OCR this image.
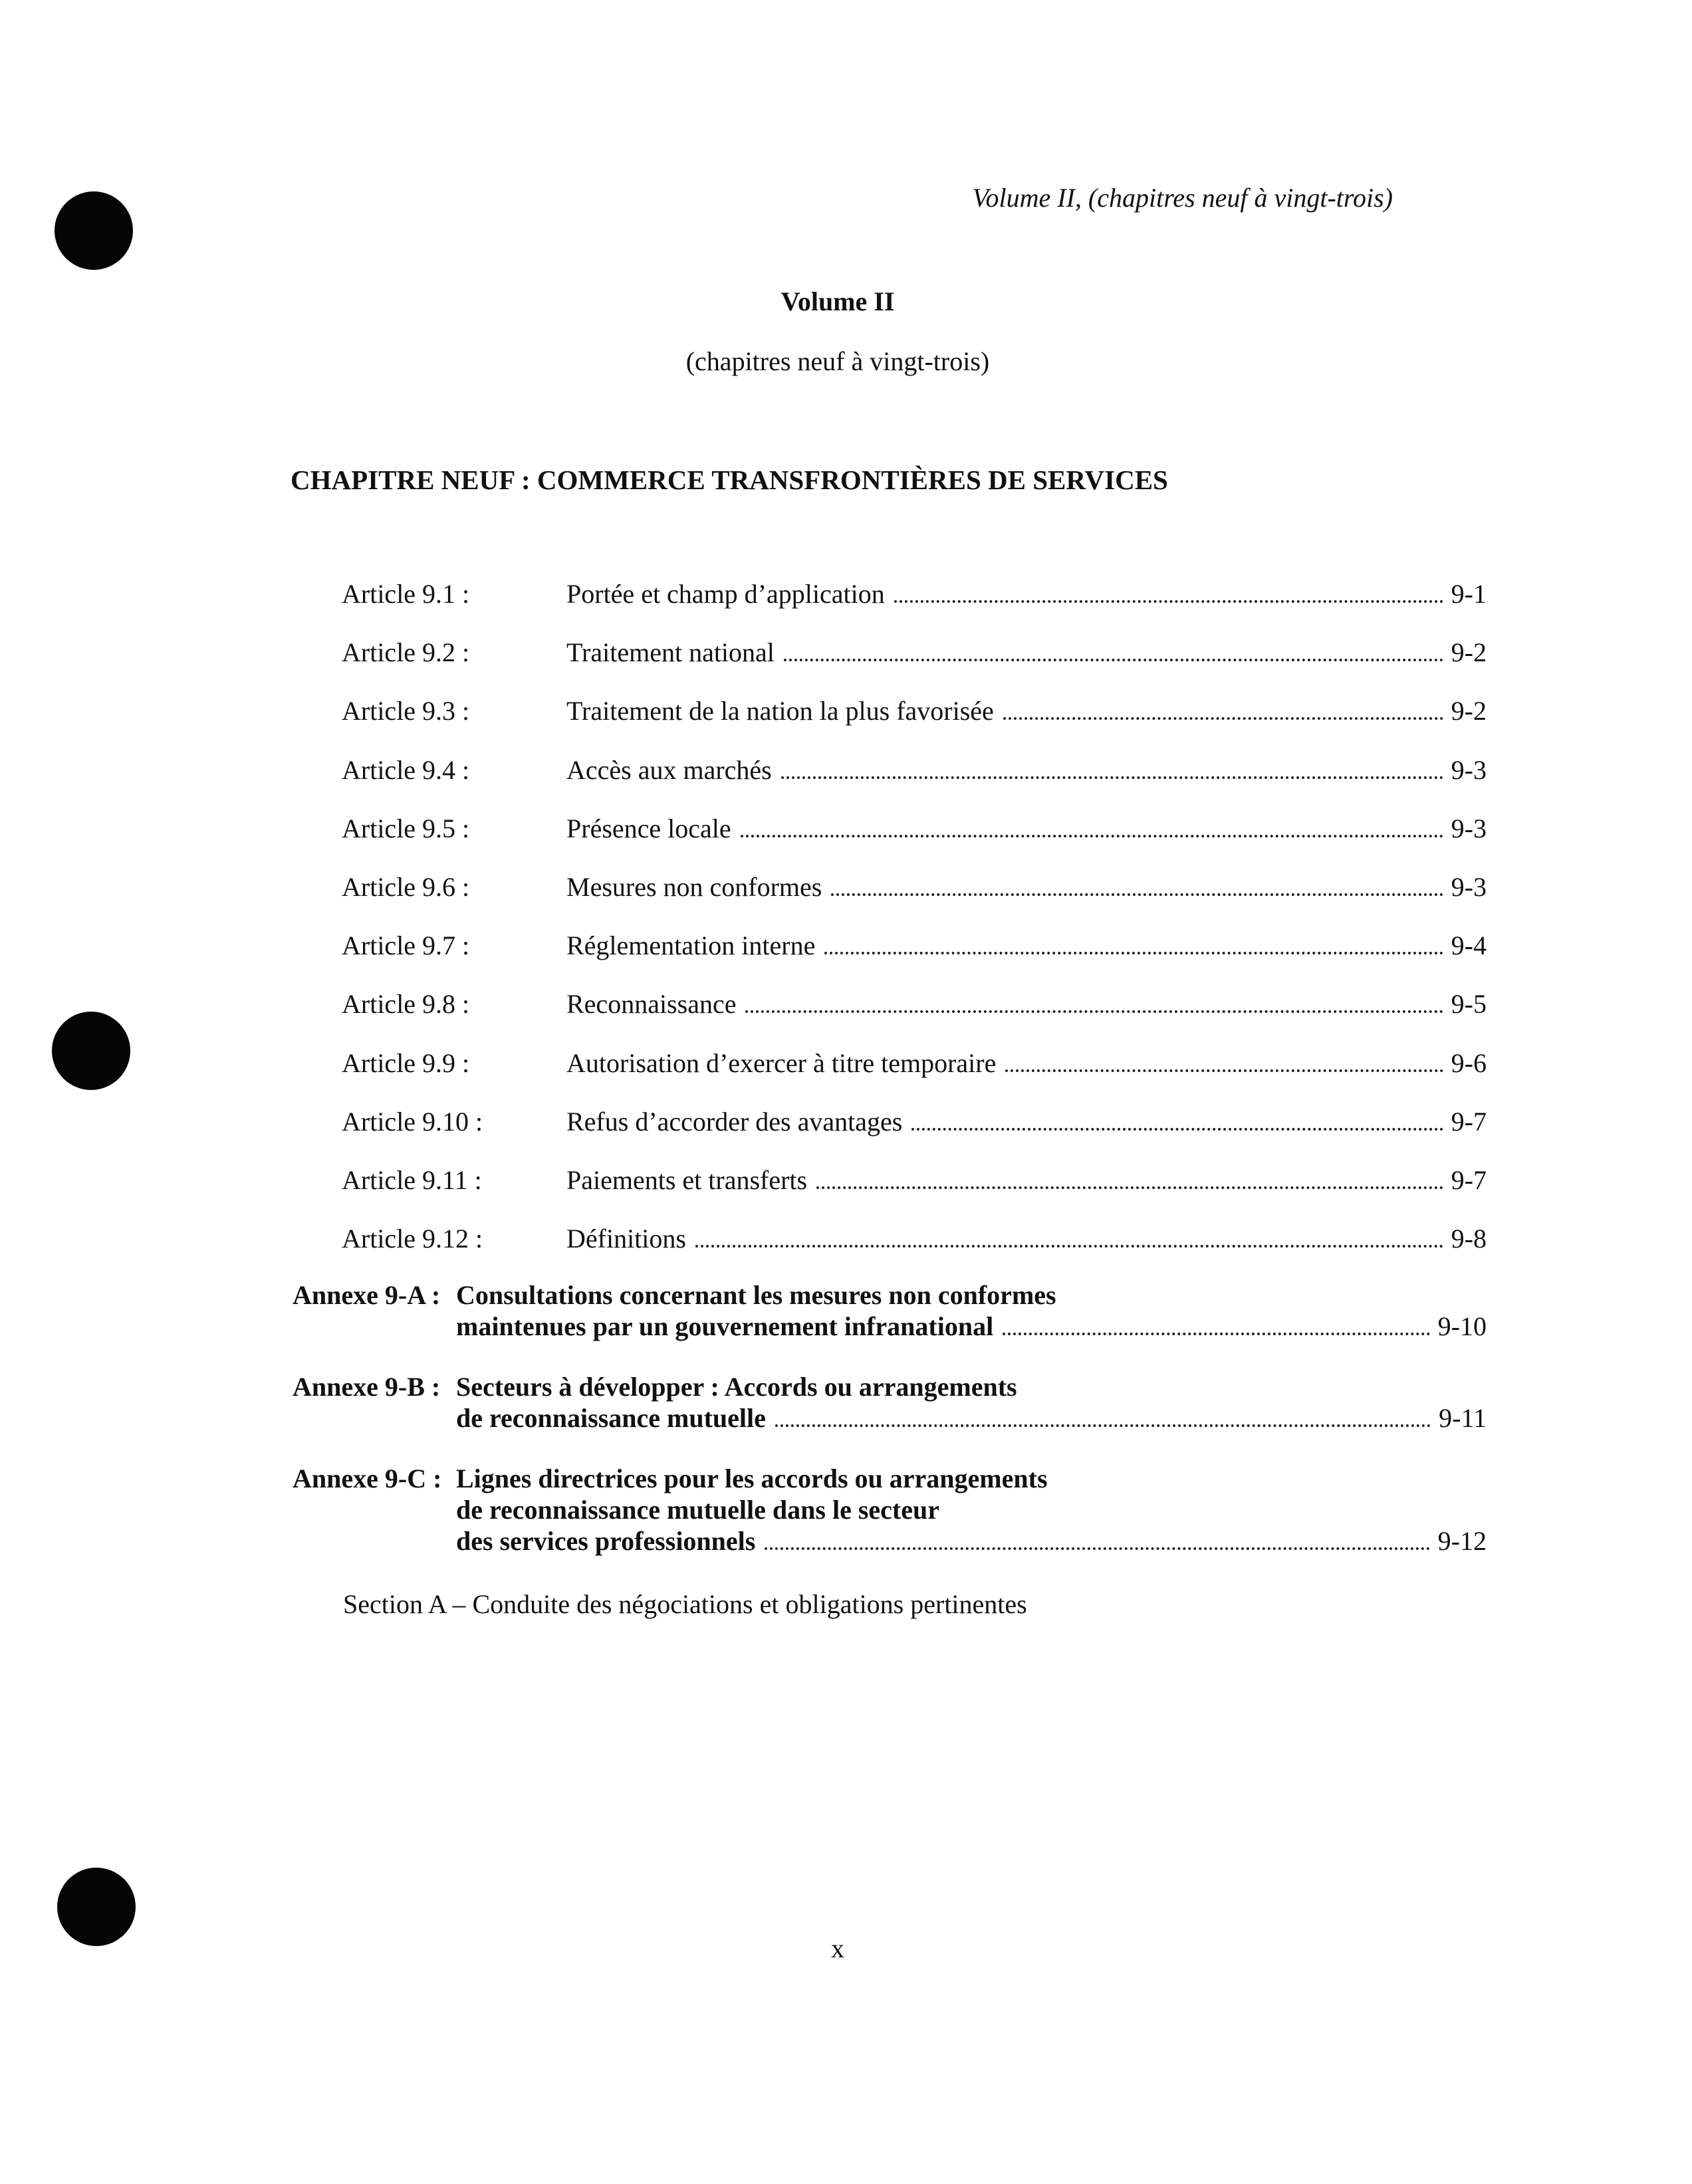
Volume II, (chapitres neuf à vingt-trois)
Volume II
(chapitres neuf à vingt-trois)
CHAPITRE NEUF : COMMERCE TRANSFRONTIÈRES DE SERVICES
Article 9.1 :	Portée et champ d’application	9-1
Article 9.2 :	Traitement national	9-2
Article 9.3 :	Traitement de la nation la plus favorisée	9-2
Article 9.4 :	Accès aux marchés	9-3
Article 9.5 :	Présence locale	9-3
Article 9.6 :	Mesures non conformes	9-3
Article 9.7 :	Réglementation interne	9-4
Article 9.8 :	Reconnaissance	9-5
Article 9.9 :	Autorisation d’exercer à titre temporaire	9-6
Article 9.10 :	Refus d’accorder des avantages	9-7
Article 9.11 :	Paiements et transferts	9-7
Article 9.12 :	Définitions	9-8
Annexe 9-A : Consultations concernant les mesures non conformes
maintenues par un gouvernement infranational	9-10
Annexe 9-B : Secteurs à développer : Accords ou arrangements
de reconnaissance mutuelle	9-11
Annexe 9-C : Lignes directrices pour les accords ou arrangements
de reconnaissance mutuelle dans le secteur
des services professionnels	9-12
Section A – Conduite des négociations et obligations pertinentes
x
